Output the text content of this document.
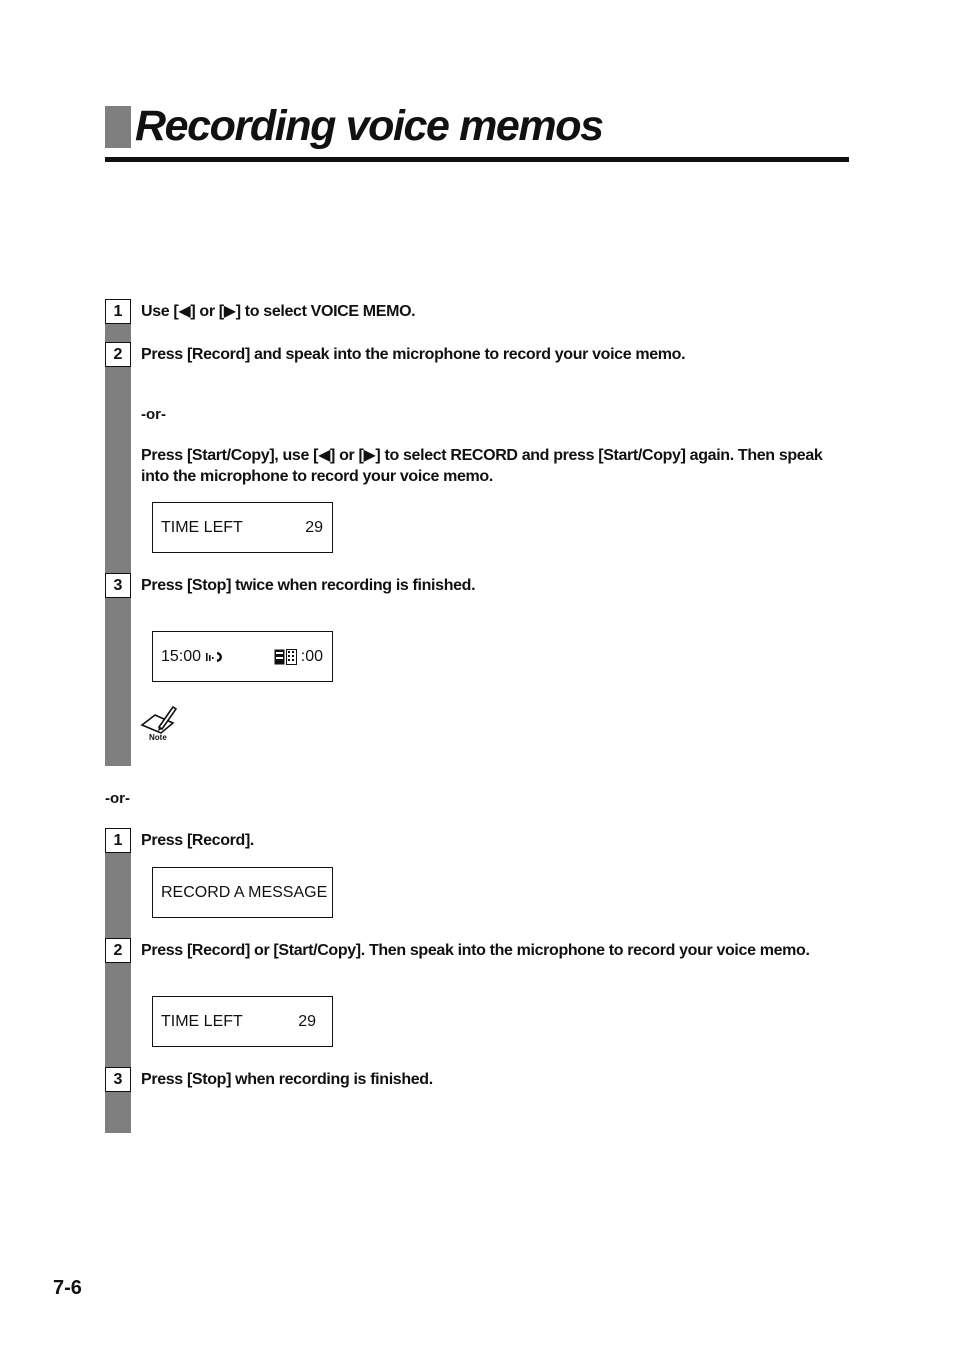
Recording voice memos
1	Use [◀] or [▶] to select VOICE MEMO.

2	Press [Record] and speak into the microphone to record your voice memo.

-or-

Press [Start/Copy], use [◀] or [▶] to select RECORD and press [Start/Copy] again. Then speak into the microphone to record your voice memo.

TIME LEFT	29
3	Press [Stop] twice when recording is finished.

15:00	:00
Note

-or-

1	Press [Record].

RECORD A MESSAGE
2	Press [Record] or [Start/Copy]. Then speak into the microphone to record your voice memo.

TIME LEFT	29
3	Press [Stop] when recording is finished.

7-6
